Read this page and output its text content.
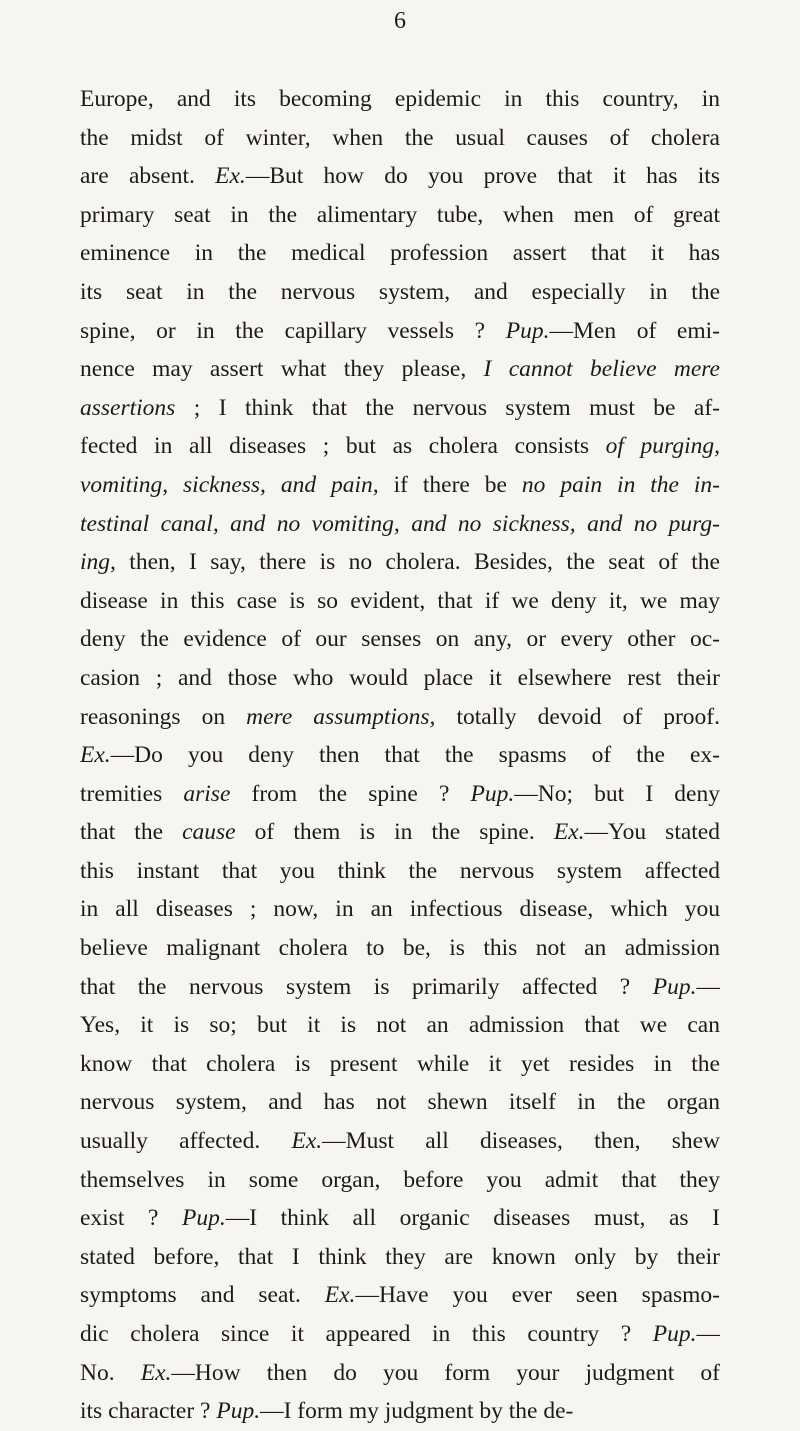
6
Europe, and its becoming epidemic in this country, in
the midst of winter, when the usual causes of cholera
are absent. Ex.—But how do you prove that it has its
primary seat in the alimentary tube, when men of great
eminence in the medical profession assert that it has
its seat in the nervous system, and especially in the
spine, or in the capillary vessels ? Pup.—Men of emi-
nence may assert what they please, I cannot believe mere
assertions ; I think that the nervous system must be af-
fected in all diseases ; but as cholera consists of purging,
vomiting, sickness, and pain, if there be no pain in the in-
testinal canal, and no vomiting, and no sickness, and no purg-
ing, then, I say, there is no cholera. Besides, the seat of the
disease in this case is so evident, that if we deny it, we may
deny the evidence of our senses on any, or every other oc-
casion ; and those who would place it elsewhere rest their
reasonings on mere assumptions, totally devoid of proof.
Ex.—Do you deny then that the spasms of the ex-
tremities arise from the spine ? Pup.—No; but I deny
that the cause of them is in the spine. Ex.—You stated
this instant that you think the nervous system affected
in all diseases ; now, in an infectious disease, which you
believe malignant cholera to be, is this not an admission
that the nervous system is primarily affected ? Pup.—
Yes, it is so; but it is not an admission that we can
know that cholera is present while it yet resides in the
nervous system, and has not shewn itself in the organ
usually affected. Ex.—Must all diseases, then, shew
themselves in some organ, before you admit that they
exist ? Pup.—I think all organic diseases must, as I
stated before, that I think they are known only by their
symptoms and seat. Ex.—Have you ever seen spasmo-
dic cholera since it appeared in this country ? Pup.—
No. Ex.—How then do you form your judgment of
its character ? Pup.—I form my judgment by the de-
